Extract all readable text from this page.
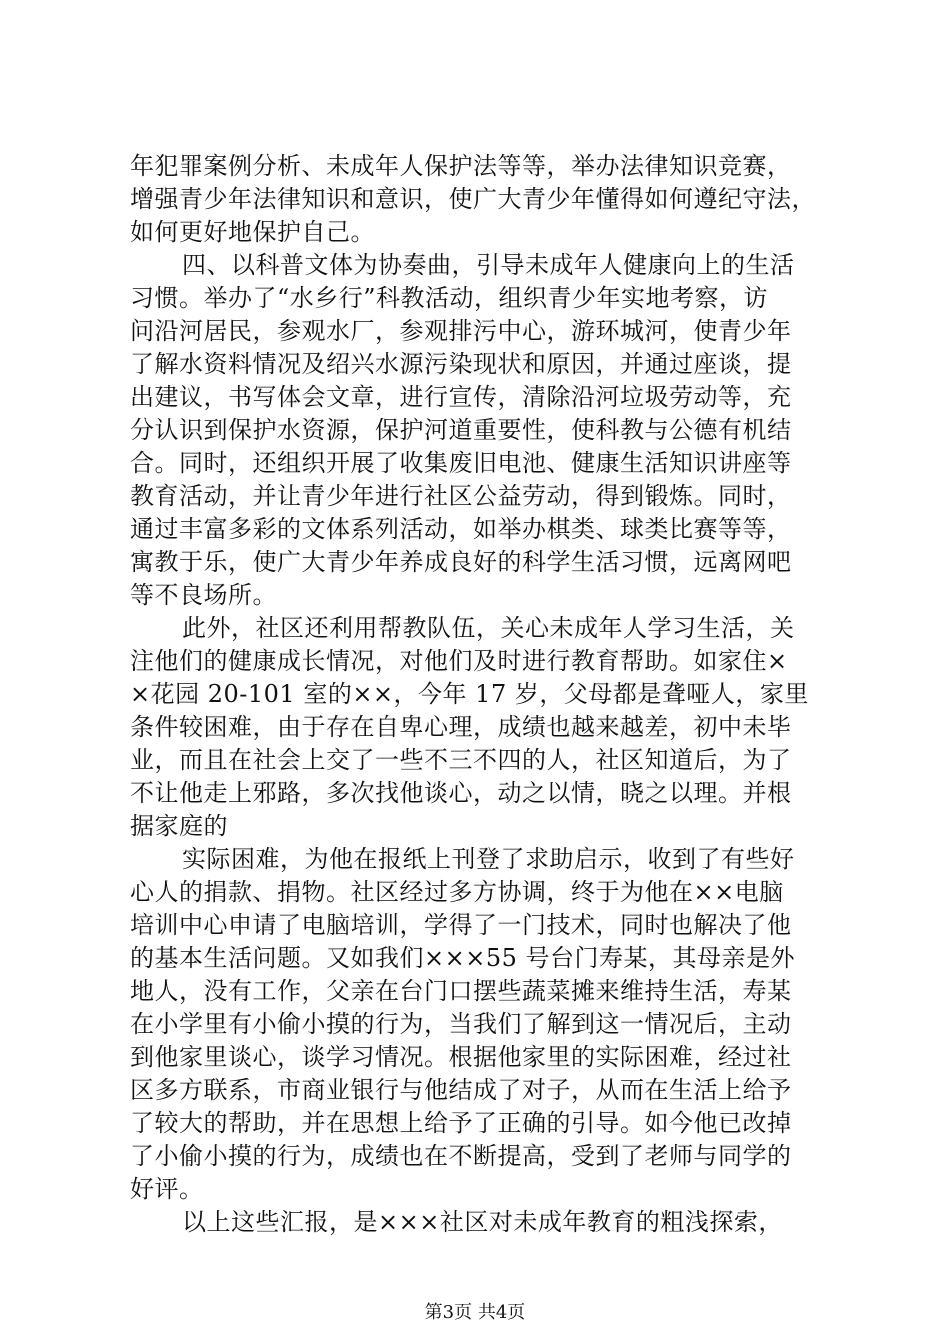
年犯罪案例分析、未成年人保护法等等，举办法律知识竞赛，
增强青少年法律知识和意识，使广大青少年懂得如何遵纪守法，
如何更好地保护自己。
四、以科普文体为协奏曲，引导未成年人健康向上的生活
习惯。举办了“水乡行”科教活动，组织青少年实地考察，访
问沿河居民，参观水厂，参观排污中心，游环城河，使青少年
了解水资料情况及绍兴水源污染现状和原因，并通过座谈，提
出建议，书写体会文章，进行宣传，清除沿河垃圾劳动等，充
分认识到保护水资源，保护河道重要性，使科教与公德有机结
合。同时，还组织开展了收集废旧电池、健康生活知识讲座等
教育活动，并让青少年进行社区公益劳动，得到锻炼。同时，
通过丰富多彩的文体系列活动，如举办棋类、球类比赛等等，
寓教于乐，使广大青少年养成良好的科学生活习惯，远离网吧
等不良场所。
此外，社区还利用帮教队伍，关心未成年人学习生活，关
注他们的健康成长情况，对他们及时进行教育帮助。如家住×
×花园 20-101 室的××，今年 17 岁，父母都是聋哑人，家里
条件较困难，由于存在自卑心理，成绩也越来越差，初中未毕
业，而且在社会上交了一些不三不四的人，社区知道后，为了
不让他走上邪路，多次找他谈心，动之以情，晓之以理。并根
据家庭的
实际困难，为他在报纸上刊登了求助启示，收到了有些好
心人的捐款、捐物。社区经过多方协调，终于为他在××电脑
培训中心申请了电脑培训，学得了一门技术，同时也解决了他
的基本生活问题。又如我们×××55 号台门寿某，其母亲是外
地人，没有工作，父亲在台门口摆些蔬菜摊来维持生活，寿某
在小学里有小偷小摸的行为，当我们了解到这一情况后，主动
到他家里谈心，谈学习情况。根据他家里的实际困难，经过社
区多方联系，市商业银行与他结成了对子，从而在生活上给予
了较大的帮助，并在思想上给予了正确的引导。如今他已改掉
了小偷小摸的行为，成绩也在不断提高，受到了老师与同学的
好评。
以上这些汇报，是×××社区对未成年教育的粗浅探索，
第3页 共4页
